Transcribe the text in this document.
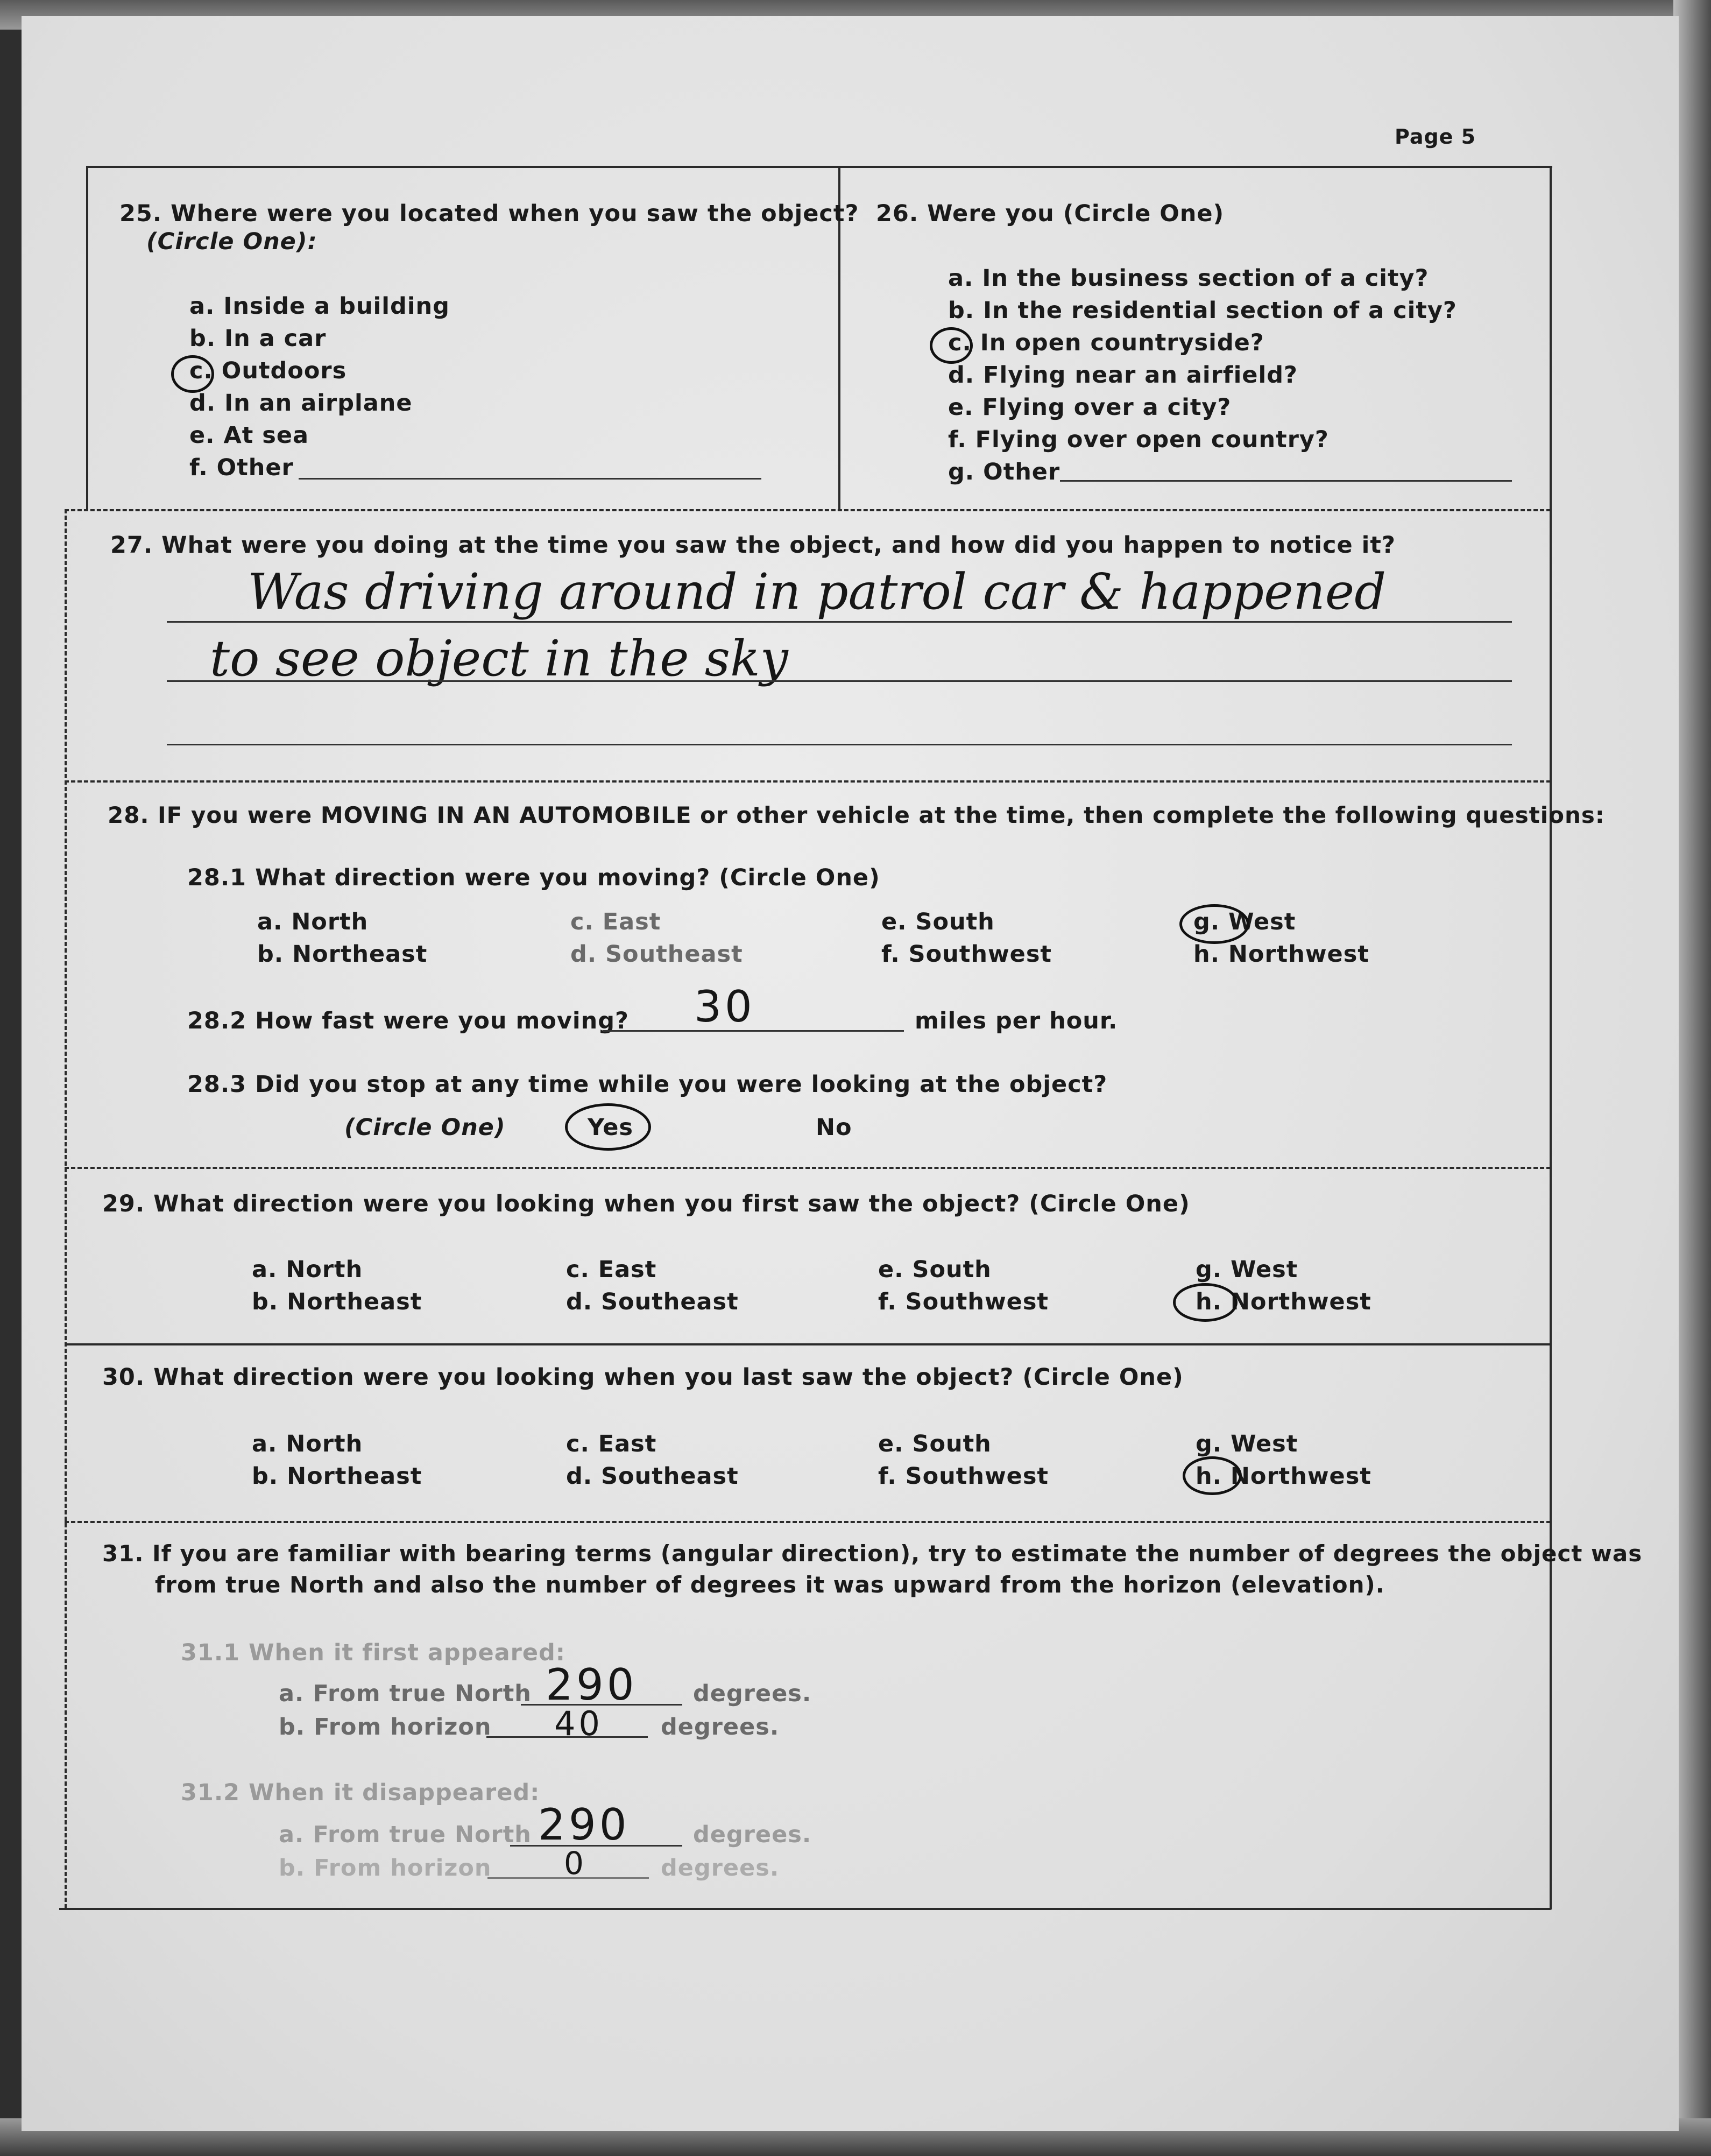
Page 5
25. Where were you located when you saw the object?
(Circle One):
a. Inside a building
b. In a car
c. Outdoors
d. In an airplane
e. At sea
f. Other
26. Were you (Circle One)
a. In the business section of a city?
b. In the residential section of a city?
c. In open countryside?
d. Flying near an airfield?
e. Flying over a city?
f. Flying over open country?
g. Other
27. What were you doing at the time you saw the object, and how did you happen to notice it?
Was driving around in patrol car & happened
to see object in the sky
28. IF you were MOVING IN AN AUTOMOBILE or other vehicle at the time, then complete the following questions:
28.1 What direction were you moving? (Circle One)
a. North
b. Northeast
c. East
d. Southeast
e. South
f. Southwest
g. West
h. Northwest
28.2 How fast were you moving? 30	miles per hour.
28.3 Did you stop at any time while you were looking at the object?
(Circle One)	Yes	No
29. What direction were you looking when you first saw the object? (Circle One)
a. North
b. Northeast
c. East
d. Southeast
e. South
f. Southwest
g. West
h. Northwest
30. What direction were you looking when you last saw the object? (Circle One)
a. North
b. Northeast
c. East
d. Southeast
e. South
f. Southwest
g. West
h. Northwest
31. If you are familiar with bearing terms (angular direction), try to estimate the number of degrees the object was
from true North and also the number of degrees it was upward from the horizon (elevation).
31.1 When it first appeared:
a. From true North 290 degrees.
b. From horizon 40 degrees.
31.2 When it disappeared:
a. From true North 290	degrees.
b. From horizon 0	degrees.
